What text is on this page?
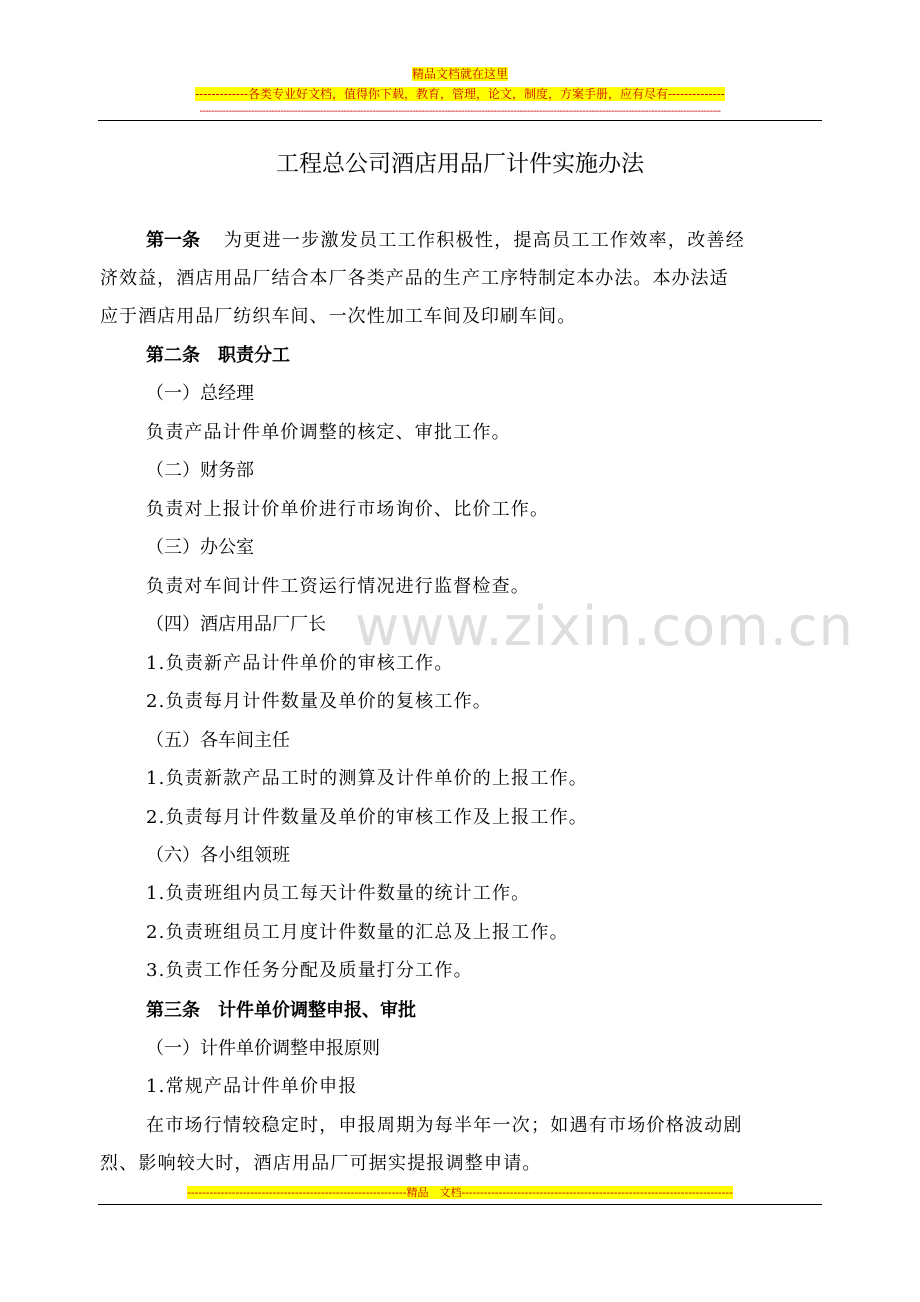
精品文档就在这里
-------------各类专业好文档，值得你下载，教育，管理，论文，制度，方案手册，应有尽有--------------
-------------------------------------------------------------------------------------------------------------------------------------------------------------------------------------
工程总公司酒店用品厂计件实施办法
www.zixin.com.cn
第一条 为更进一步激发员工工作积极性，提高员工工作效率，改善经
济效益，酒店用品厂结合本厂各类产品的生产工序特制定本办法。本办法适
应于酒店用品厂纺织车间、一次性加工车间及印刷车间。
第二条　职责分工
（一）总经理
负责产品计件单价调整的核定、审批工作。
（二）财务部
负责对上报计价单价进行市场询价、比价工作。
（三）办公室
负责对车间计件工资运行情况进行监督检查。
（四）酒店用品厂厂长
1.负责新产品计件单价的审核工作。
2.负责每月计件数量及单价的复核工作。
（五）各车间主任
1.负责新款产品工时的测算及计件单价的上报工作。
2.负责每月计件数量及单价的审核工作及上报工作。
（六）各小组领班
1.负责班组内员工每天计件数量的统计工作。
2.负责班组员工月度计件数量的汇总及上报工作。
3.负责工作任务分配及质量打分工作。
第三条　计件单价调整申报、审批
（一）计件单价调整申报原则
1.常规产品计件单价申报
在市场行情较稳定时，申报周期为每半年一次；如遇有市场价格波动剧
烈、影响较大时，酒店用品厂可据实提报调整申请。
-----------------------------------------------------------精品　文档-------------------------------------------------------------------------
